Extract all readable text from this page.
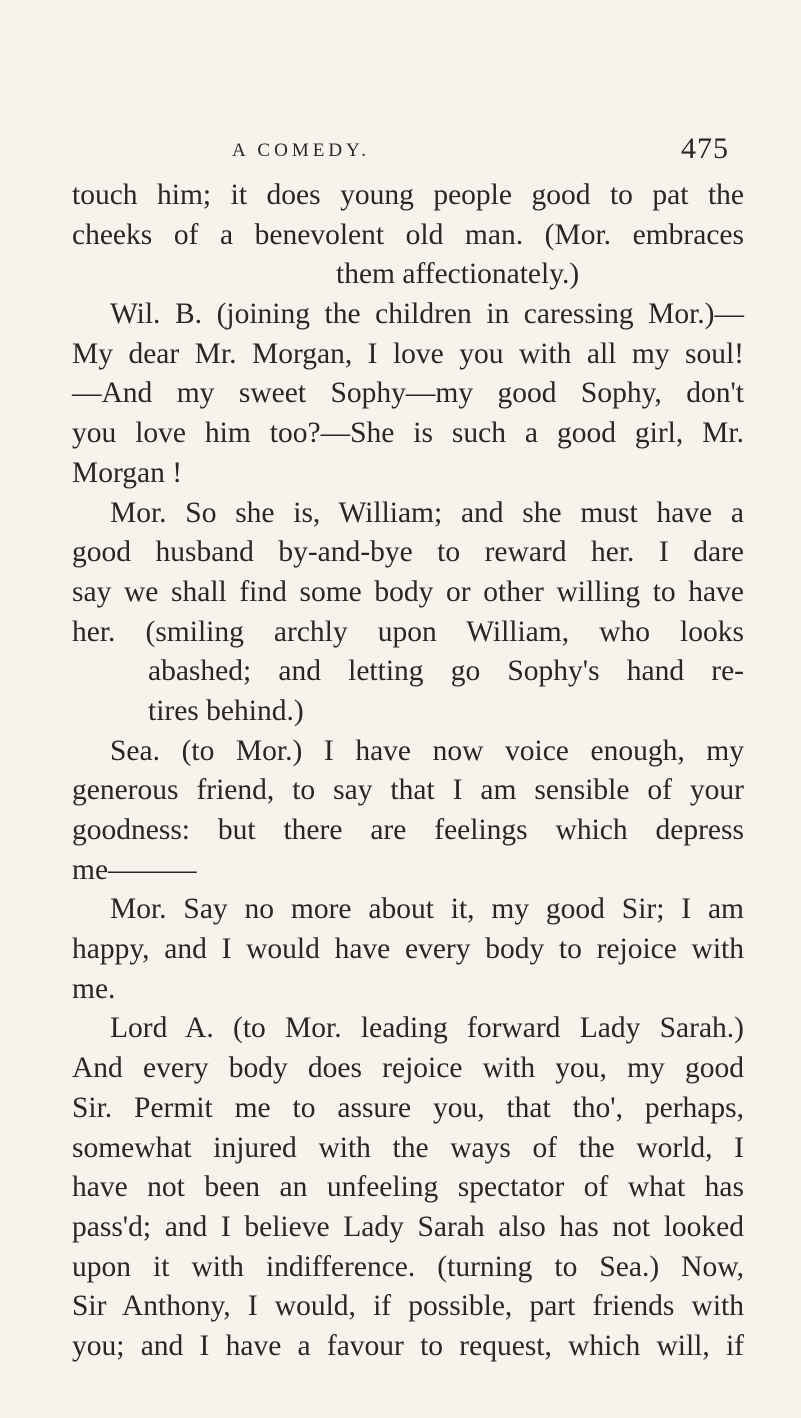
A COMEDY.	475
touch him; it does young people good to pat the
cheeks of a benevolent old man. (Mor. embraces
them affectionately.)
Wil. B. (joining the children in caressing Mor.)—
My dear Mr. Morgan, I love you with all my soul!
—And my sweet Sophy—my good Sophy, don't
you love him too?—She is such a good girl, Mr.
Morgan !
Mor. So she is, William; and she must have a
good husband by-and-bye to reward her. I dare
say we shall find some body or other willing to have
her. (smiling archly upon William, who looks
abashed; and letting go Sophy's hand re-
tires behind.)
Sea. (to Mor.) I have now voice enough, my
generous friend, to say that I am sensible of your
goodness: but there are feelings which depress
me———
Mor. Say no more about it, my good Sir; I am
happy, and I would have every body to rejoice with
me.
Lord A. (to Mor. leading forward Lady Sarah.)
And every body does rejoice with you, my good
Sir. Permit me to assure you, that tho', perhaps,
somewhat injured with the ways of the world, I
have not been an unfeeling spectator of what has
pass'd; and I believe Lady Sarah also has not looked
upon it with indifference. (turning to Sea.) Now,
Sir Anthony, I would, if possible, part friends with
you; and I have a favour to request, which will, if
